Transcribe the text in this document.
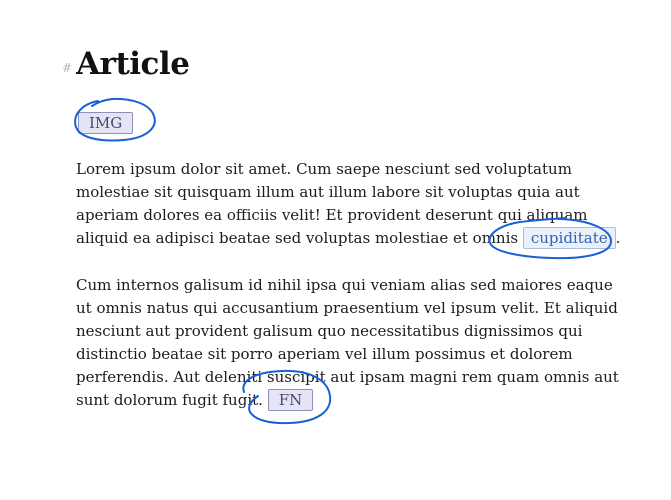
# Article
IMG

Lorem ipsum dolor sit amet. Cum saepe nesciunt sed voluptatum
molestiae sit quisquam illum aut illum labore sit voluptas quia aut
aperiam dolores ea officiis velit! Et provident deserunt qui aliquam
aliquid ea adipisci beatae sed voluptas molestiae et omnis cupiditate .

Cum internos galisum id nihil ipsa qui veniam alias sed maiores eaque
ut omnis natus qui accusantium praesentium vel ipsum velit. Et aliquid
nesciunt aut provident galisum quo necessitatibus dignissimos qui
distinctio beatae sit porro aperiam vel illum possimus et dolorem
perferendis. Aut deleniti suscipit aut ipsam magni rem quam omnis aut
sunt dolorum fugit fugit. FN
